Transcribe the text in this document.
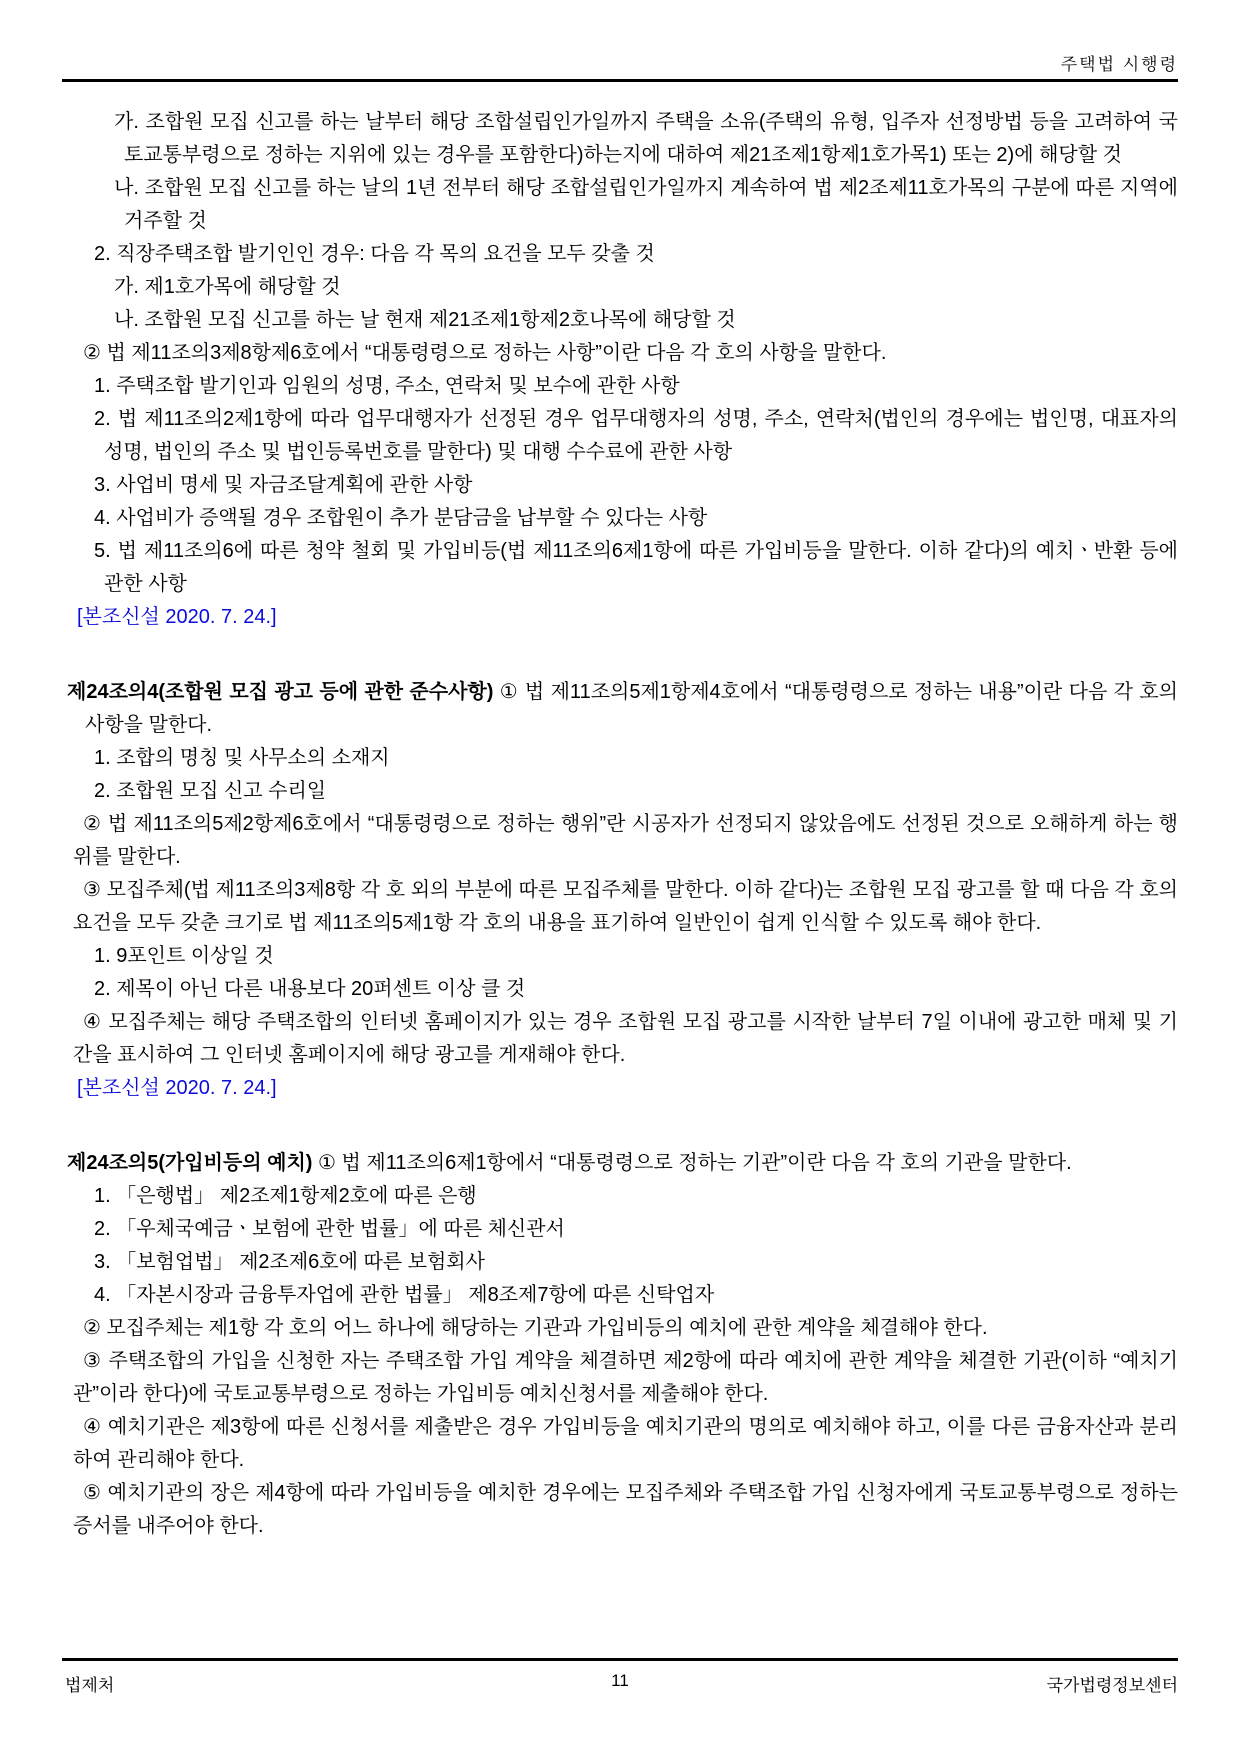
주택법 시행령

가. 조합원 모집 신고를 하는 날부터 해당 조합설립인가일까지 주택을 소유(주택의 유형, 입주자 선정방법 등을 고려하여 국토교통부령으로 정하는 지위에 있는 경우를 포함한다)하는지에 대하여 제21조제1항제1호가목1) 또는 2)에 해당할 것

나. 조합원 모집 신고를 하는 날의 1년 전부터 해당 조합설립인가일까지 계속하여 법 제2조제11호가목의 구분에 따른 지역에 거주할 것

2. 직장주택조합 발기인인 경우: 다음 각 목의 요건을 모두 갖출 것

가. 제1호가목에 해당할 것

나. 조합원 모집 신고를 하는 날 현재 제21조제1항제2호나목에 해당할 것

② 법 제11조의3제8항제6호에서 “대통령령으로 정하는 사항”이란 다음 각 호의 사항을 말한다.

1. 주택조합 발기인과 임원의 성명, 주소, 연락처 및 보수에 관한 사항

2. 법 제11조의2제1항에 따라 업무대행자가 선정된 경우 업무대행자의 성명, 주소, 연락처(법인의 경우에는 법인명, 대표자의 성명, 법인의 주소 및 법인등록번호를 말한다) 및 대행 수수료에 관한 사항

3. 사업비 명세 및 자금조달계획에 관한 사항

4. 사업비가 증액될 경우 조합원이 추가 분담금을 납부할 수 있다는 사항

5. 법 제11조의6에 따른 청약 철회 및 가입비등(법 제11조의6제1항에 따른 가입비등을 말한다. 이하 같다)의 예치ㆍ반환 등에 관한 사항

[본조신설 2020. 7. 24.]

제24조의4(조합원 모집 광고 등에 관한 준수사항) ① 법 제11조의5제1항제4호에서 “대통령령으로 정하는 내용”이란 다음 각 호의 사항을 말한다.

1. 조합의 명칭 및 사무소의 소재지

2. 조합원 모집 신고 수리일

② 법 제11조의5제2항제6호에서 “대통령령으로 정하는 행위”란 시공자가 선정되지 않았음에도 선정된 것으로 오해하게 하는 행위를 말한다.

③ 모집주체(법 제11조의3제8항 각 호 외의 부분에 따른 모집주체를 말한다. 이하 같다)는 조합원 모집 광고를 할 때 다음 각 호의 요건을 모두 갖춘 크기로 법 제11조의5제1항 각 호의 내용을 표기하여 일반인이 쉽게 인식할 수 있도록 해야 한다.

1. 9포인트 이상일 것

2. 제목이 아닌 다른 내용보다 20퍼센트 이상 클 것

④ 모집주체는 해당 주택조합의 인터넷 홈페이지가 있는 경우 조합원 모집 광고를 시작한 날부터 7일 이내에 광고한 매체 및 기간을 표시하여 그 인터넷 홈페이지에 해당 광고를 게재해야 한다.

[본조신설 2020. 7. 24.]

제24조의5(가입비등의 예치) ① 법 제11조의6제1항에서 “대통령령으로 정하는 기관”이란 다음 각 호의 기관을 말한다.

1. 「은행법」 제2조제1항제2호에 따른 은행

2. 「우체국예금ㆍ보험에 관한 법률」에 따른 체신관서

3. 「보험업법」 제2조제6호에 따른 보험회사

4. 「자본시장과 금융투자업에 관한 법률」 제8조제7항에 따른 신탁업자

② 모집주체는 제1항 각 호의 어느 하나에 해당하는 기관과 가입비등의 예치에 관한 계약을 체결해야 한다.

③ 주택조합의 가입을 신청한 자는 주택조합 가입 계약을 체결하면 제2항에 따라 예치에 관한 계약을 체결한 기관(이하 “예치기관”이라 한다)에 국토교통부령으로 정하는 가입비등 예치신청서를 제출해야 한다.

④ 예치기관은 제3항에 따른 신청서를 제출받은 경우 가입비등을 예치기관의 명의로 예치해야 하고, 이를 다른 금융자산과 분리하여 관리해야 한다.

⑤ 예치기관의 장은 제4항에 따라 가입비등을 예치한 경우에는 모집주체와 주택조합 가입 신청자에게 국토교통부령으로 정하는 증서를 내주어야 한다.

법제처	11	국가법령정보센터
